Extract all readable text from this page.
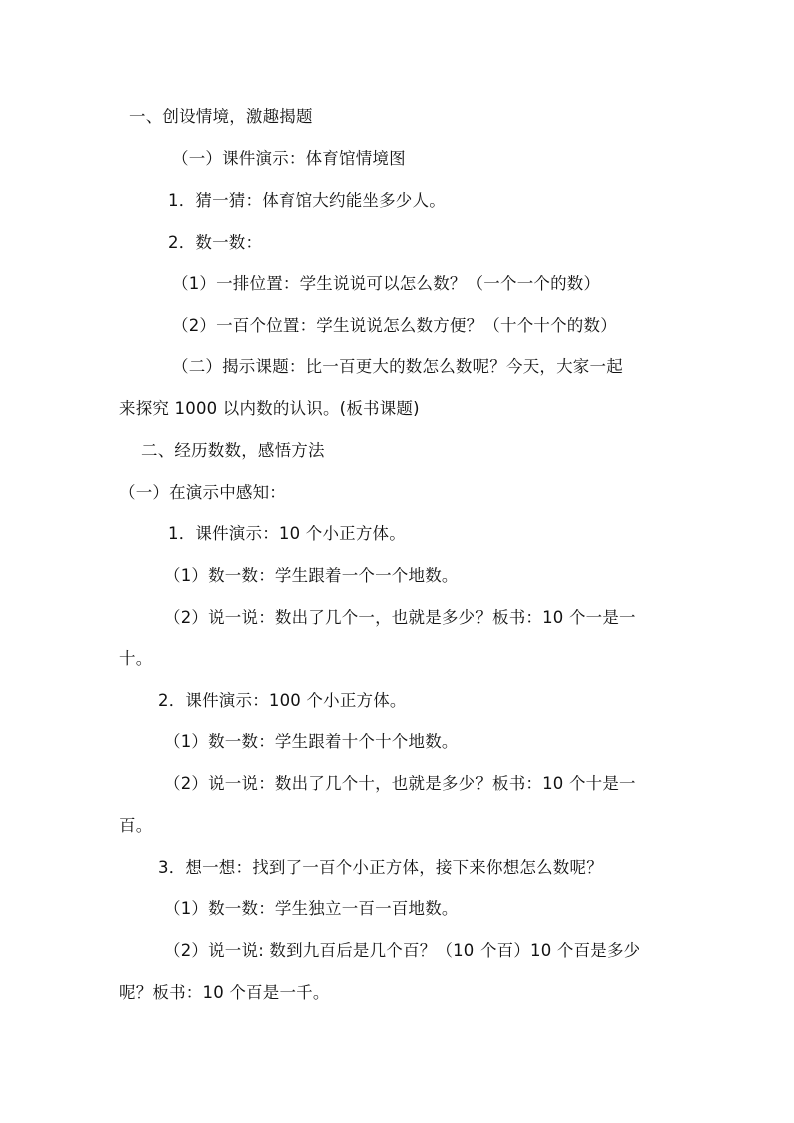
一、创设情境，激趣揭题
（一）课件演示：体育馆情境图
1．猜一猜：体育馆大约能坐多少人。
2．数一数：
（1）一排位置：学生说说可以怎么数？（一个一个的数）
（2）一百个位置：学生说说怎么数方便？（十个十个的数）
（二）揭示课题：比一百更大的数怎么数呢？今天，大家一起
来探究 1000 以内数的认识。(板书课题)
二、经历数数，感悟方法
（一）在演示中感知：
1．课件演示：10 个小正方体。
（1）数一数：学生跟着一个一个地数。
（2）说一说：数出了几个一，也就是多少？板书：10 个一是一
十。
2．课件演示：100 个小正方体。
（1）数一数：学生跟着十个十个地数。
（2）说一说：数出了几个十，也就是多少？板书：10 个十是一
百。
3．想一想：找到了一百个小正方体，接下来你想怎么数呢？
（1）数一数：学生独立一百一百地数。
（2）说一说: 数到九百后是几个百？（10 个百）10 个百是多少
呢？板书：10 个百是一千。
